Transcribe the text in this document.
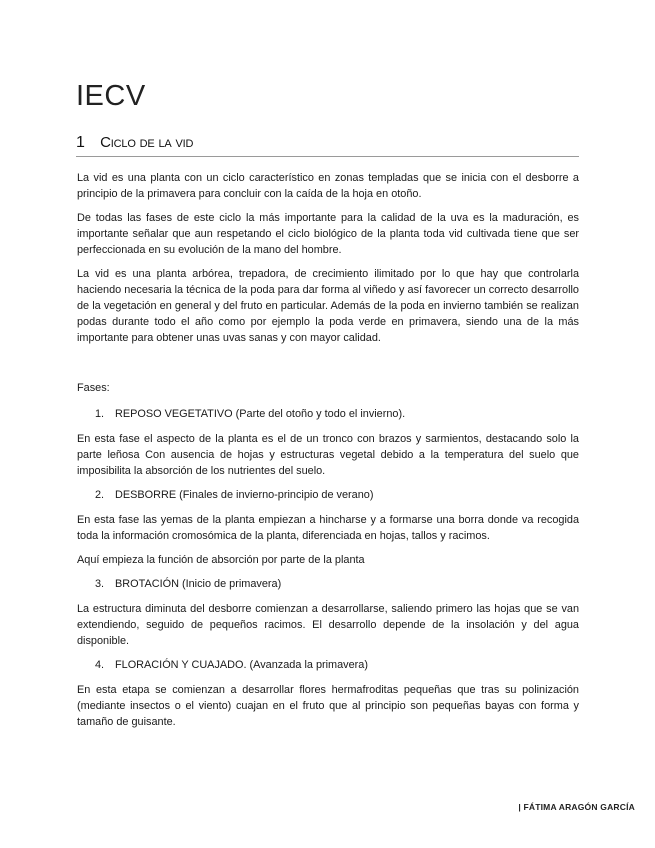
IECV
1 Ciclo de la vid

La vid es una planta con un ciclo característico en zonas templadas que se inicia con el desborre a principio de la primavera para concluir con la caída de la hoja en otoño.

De todas las fases de este ciclo la más importante para la calidad de la uva es la maduración, es importante señalar que aun respetando el ciclo biológico de la planta toda vid cultivada tiene que ser perfeccionada en su evolución de la mano del hombre.

La vid es una planta arbórea, trepadora, de crecimiento ilimitado por lo que hay que controlarla haciendo necesaria la técnica de la poda para dar forma al viñedo y así favorecer un correcto desarrollo de la vegetación en general y del fruto en particular. Además de la poda en invierno también se realizan podas durante todo el año como por ejemplo la poda verde en primavera, siendo una de la más importante para obtener unas uvas sanas y con mayor calidad.

Fases:

1.	REPOSO VEGETATIVO (Parte del otoño y todo el invierno).

En esta fase el aspecto de la planta es el de un tronco con brazos y sarmientos, destacando solo la parte leñosa Con ausencia de hojas y estructuras vegetal debido a la temperatura del suelo que imposibilita la absorción de los nutrientes del suelo.

2.	DESBORRE (Finales de invierno-principio de verano)

En esta fase las yemas de la planta empiezan a hincharse y a formarse una borra donde va recogida toda la información cromosómica de la planta, diferenciada en hojas, tallos y racimos.

Aquí empieza la función de absorción por parte de la planta

3.	BROTACIÓN (Inicio de primavera)

La estructura diminuta del desborre comienzan a desarrollarse, saliendo primero las hojas que se van extendiendo, seguido de pequeños racimos. El desarrollo depende de la insolación y del agua disponible.

4.	FLORACIÓN Y CUAJADO. (Avanzada la primavera)

En esta etapa se comienzan a desarrollar flores hermafroditas pequeñas que tras su polinización (mediante insectos o el viento) cuajan en el fruto que al principio son pequeñas bayas con forma y tamaño de guisante.

| FÁTIMA ARAGÓN GARCÍA
